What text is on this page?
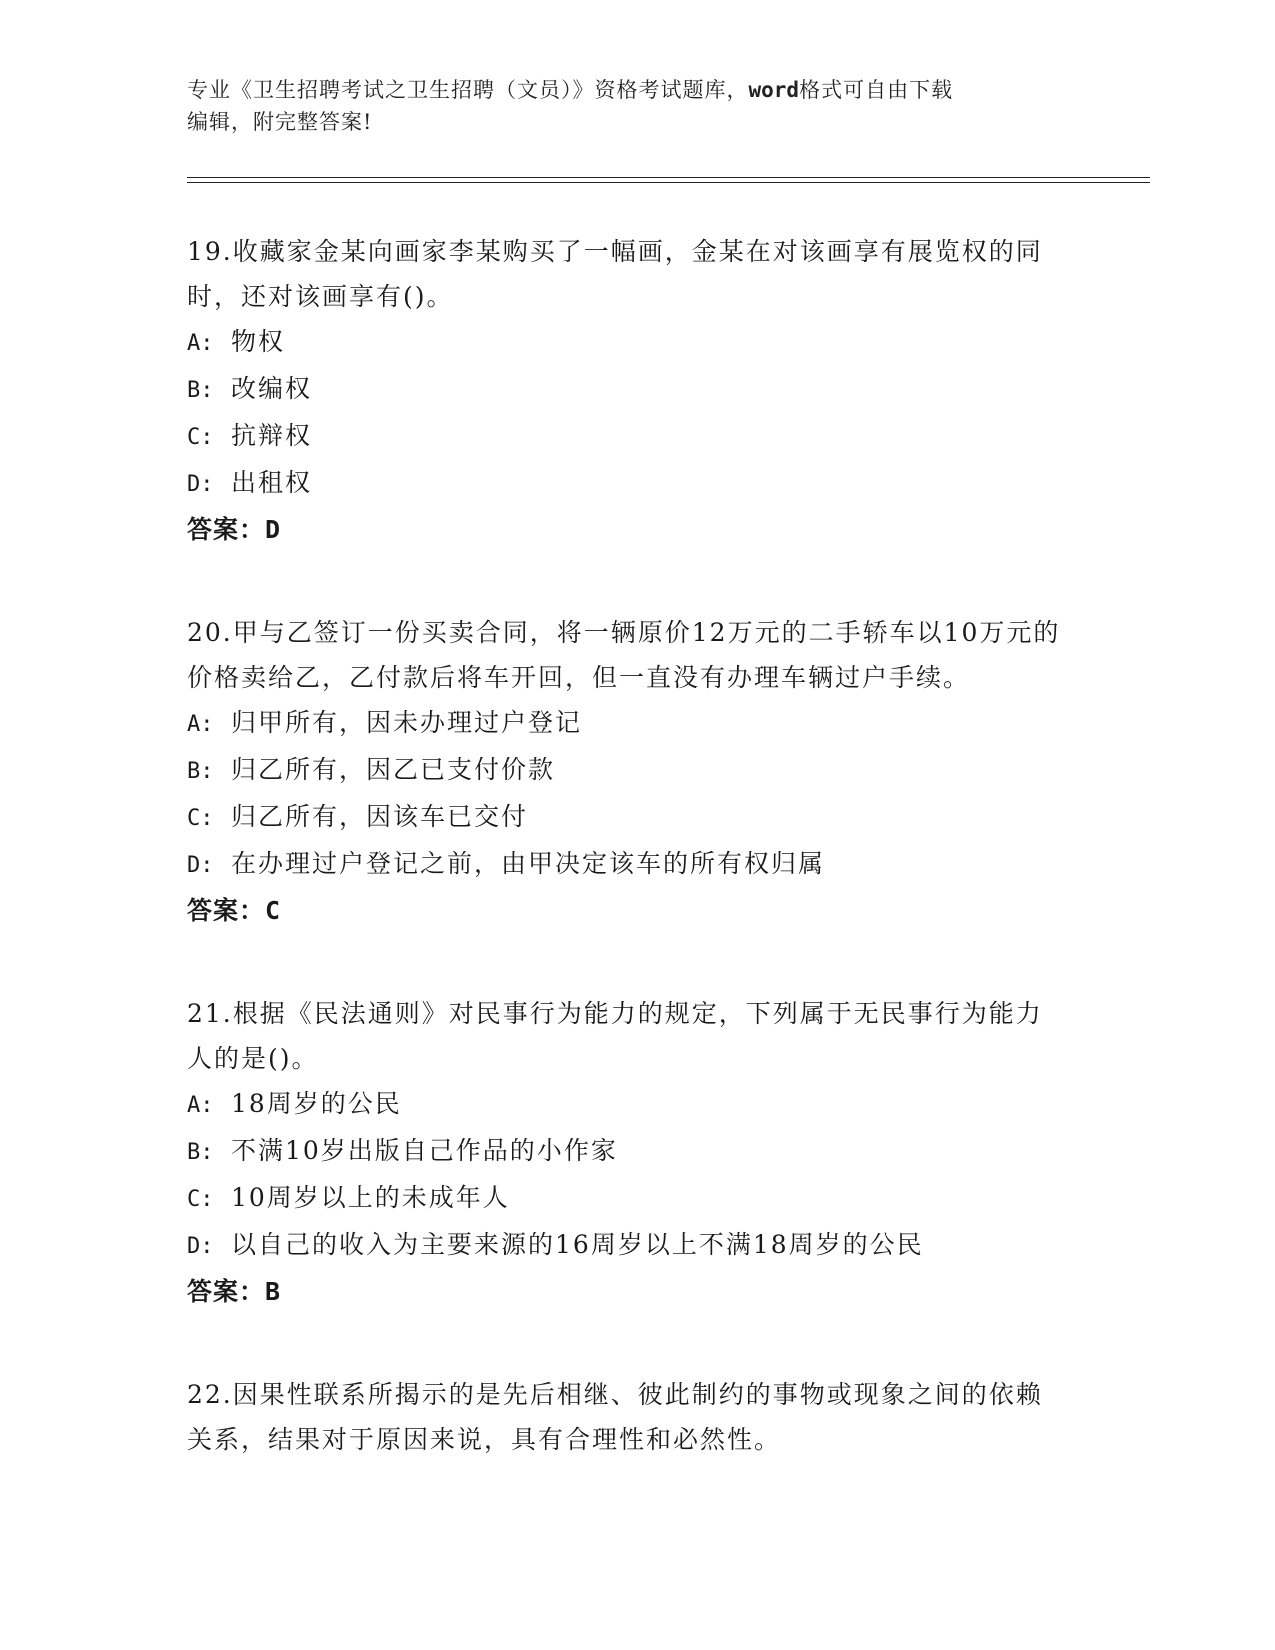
专业《卫生招聘考试之卫生招聘（文员）》资格考试题库，word格式可自由下载
编辑，附完整答案!

19.收藏家金某向画家李某购买了一幅画，金某在对该画享有展览权的同时，还对该画享有()。

A: 物权
B: 改编权
C: 抗辩权
D: 出租权
答案：D

20.甲与乙签订一份买卖合同，将一辆原价12万元的二手轿车以10万元的价格卖给乙，乙付款后将车开回，但一直没有办理车辆过户手续。

A: 归甲所有，因未办理过户登记
B: 归乙所有，因乙已支付价款
C: 归乙所有，因该车已交付
D: 在办理过户登记之前，由甲决定该车的所有权归属
答案：C

21.根据《民法通则》对民事行为能力的规定，下列属于无民事行为能力人的是()。

A: 18周岁的公民
B: 不满10岁出版自己作品的小作家
C: 10周岁以上的未成年人
D: 以自己的收入为主要来源的16周岁以上不满18周岁的公民
答案：B

22.因果性联系所揭示的是先后相继、彼此制约的事物或现象之间的依赖关系，结果对于原因来说，具有合理性和必然性。
